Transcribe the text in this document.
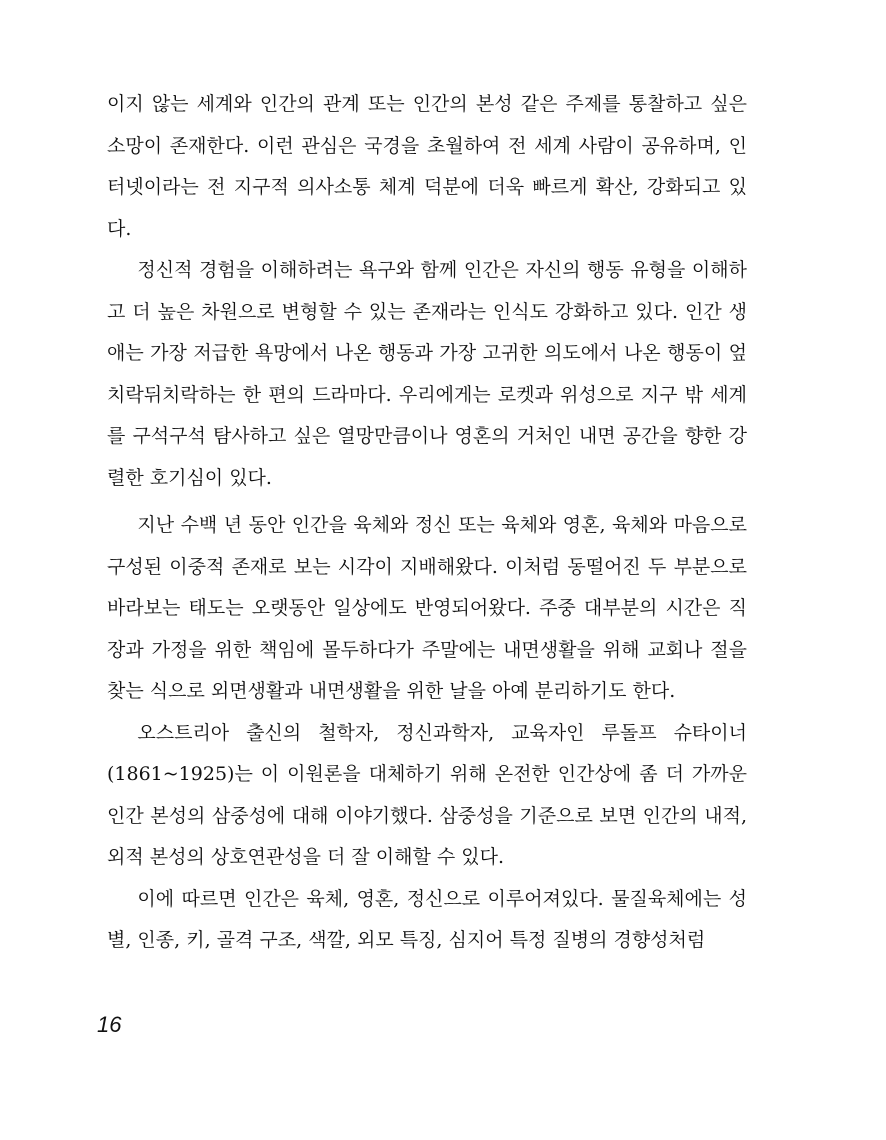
이지 않는 세계와 인간의 관계 또는 인간의 본성 같은 주제를 통찰하고 싶은 소망이 존재한다. 이런 관심은 국경을 초월하여 전 세계 사람이 공유하며, 인터넷이라는 전 지구적 의사소통 체계 덕분에 더욱 빠르게 확산, 강화되고 있다.

정신적 경험을 이해하려는 욕구와 함께 인간은 자신의 행동 유형을 이해하고 더 높은 차원으로 변형할 수 있는 존재라는 인식도 강화하고 있다. 인간 생애는 가장 저급한 욕망에서 나온 행동과 가장 고귀한 의도에서 나온 행동이 엎치락뒤치락하는 한 편의 드라마다. 우리에게는 로켓과 위성으로 지구 밖 세계를 구석구석 탐사하고 싶은 열망만큼이나 영혼의 거처인 내면 공간을 향한 강렬한 호기심이 있다.

지난 수백 년 동안 인간을 육체와 정신 또는 육체와 영혼, 육체와 마음으로 구성된 이중적 존재로 보는 시각이 지배해왔다. 이처럼 동떨어진 두 부분으로 바라보는 태도는 오랫동안 일상에도 반영되어왔다. 주중 대부분의 시간은 직장과 가정을 위한 책임에 몰두하다가 주말에는 내면생활을 위해 교회나 절을 찾는 식으로 외면생활과 내면생활을 위한 날을 아예 분리하기도 한다.

오스트리아 출신의 철학자, 정신과학자, 교육자인 루돌프 슈타이너(1861~1925)는 이 이원론을 대체하기 위해 온전한 인간상에 좀 더 가까운 인간 본성의 삼중성에 대해 이야기했다. 삼중성을 기준으로 보면 인간의 내적, 외적 본성의 상호연관성을 더 잘 이해할 수 있다.

이에 따르면 인간은 육체, 영혼, 정신으로 이루어져있다. 물질육체에는 성별, 인종, 키, 골격 구조, 색깔, 외모 특징, 심지어 특정 질병의 경향성처럼

16
